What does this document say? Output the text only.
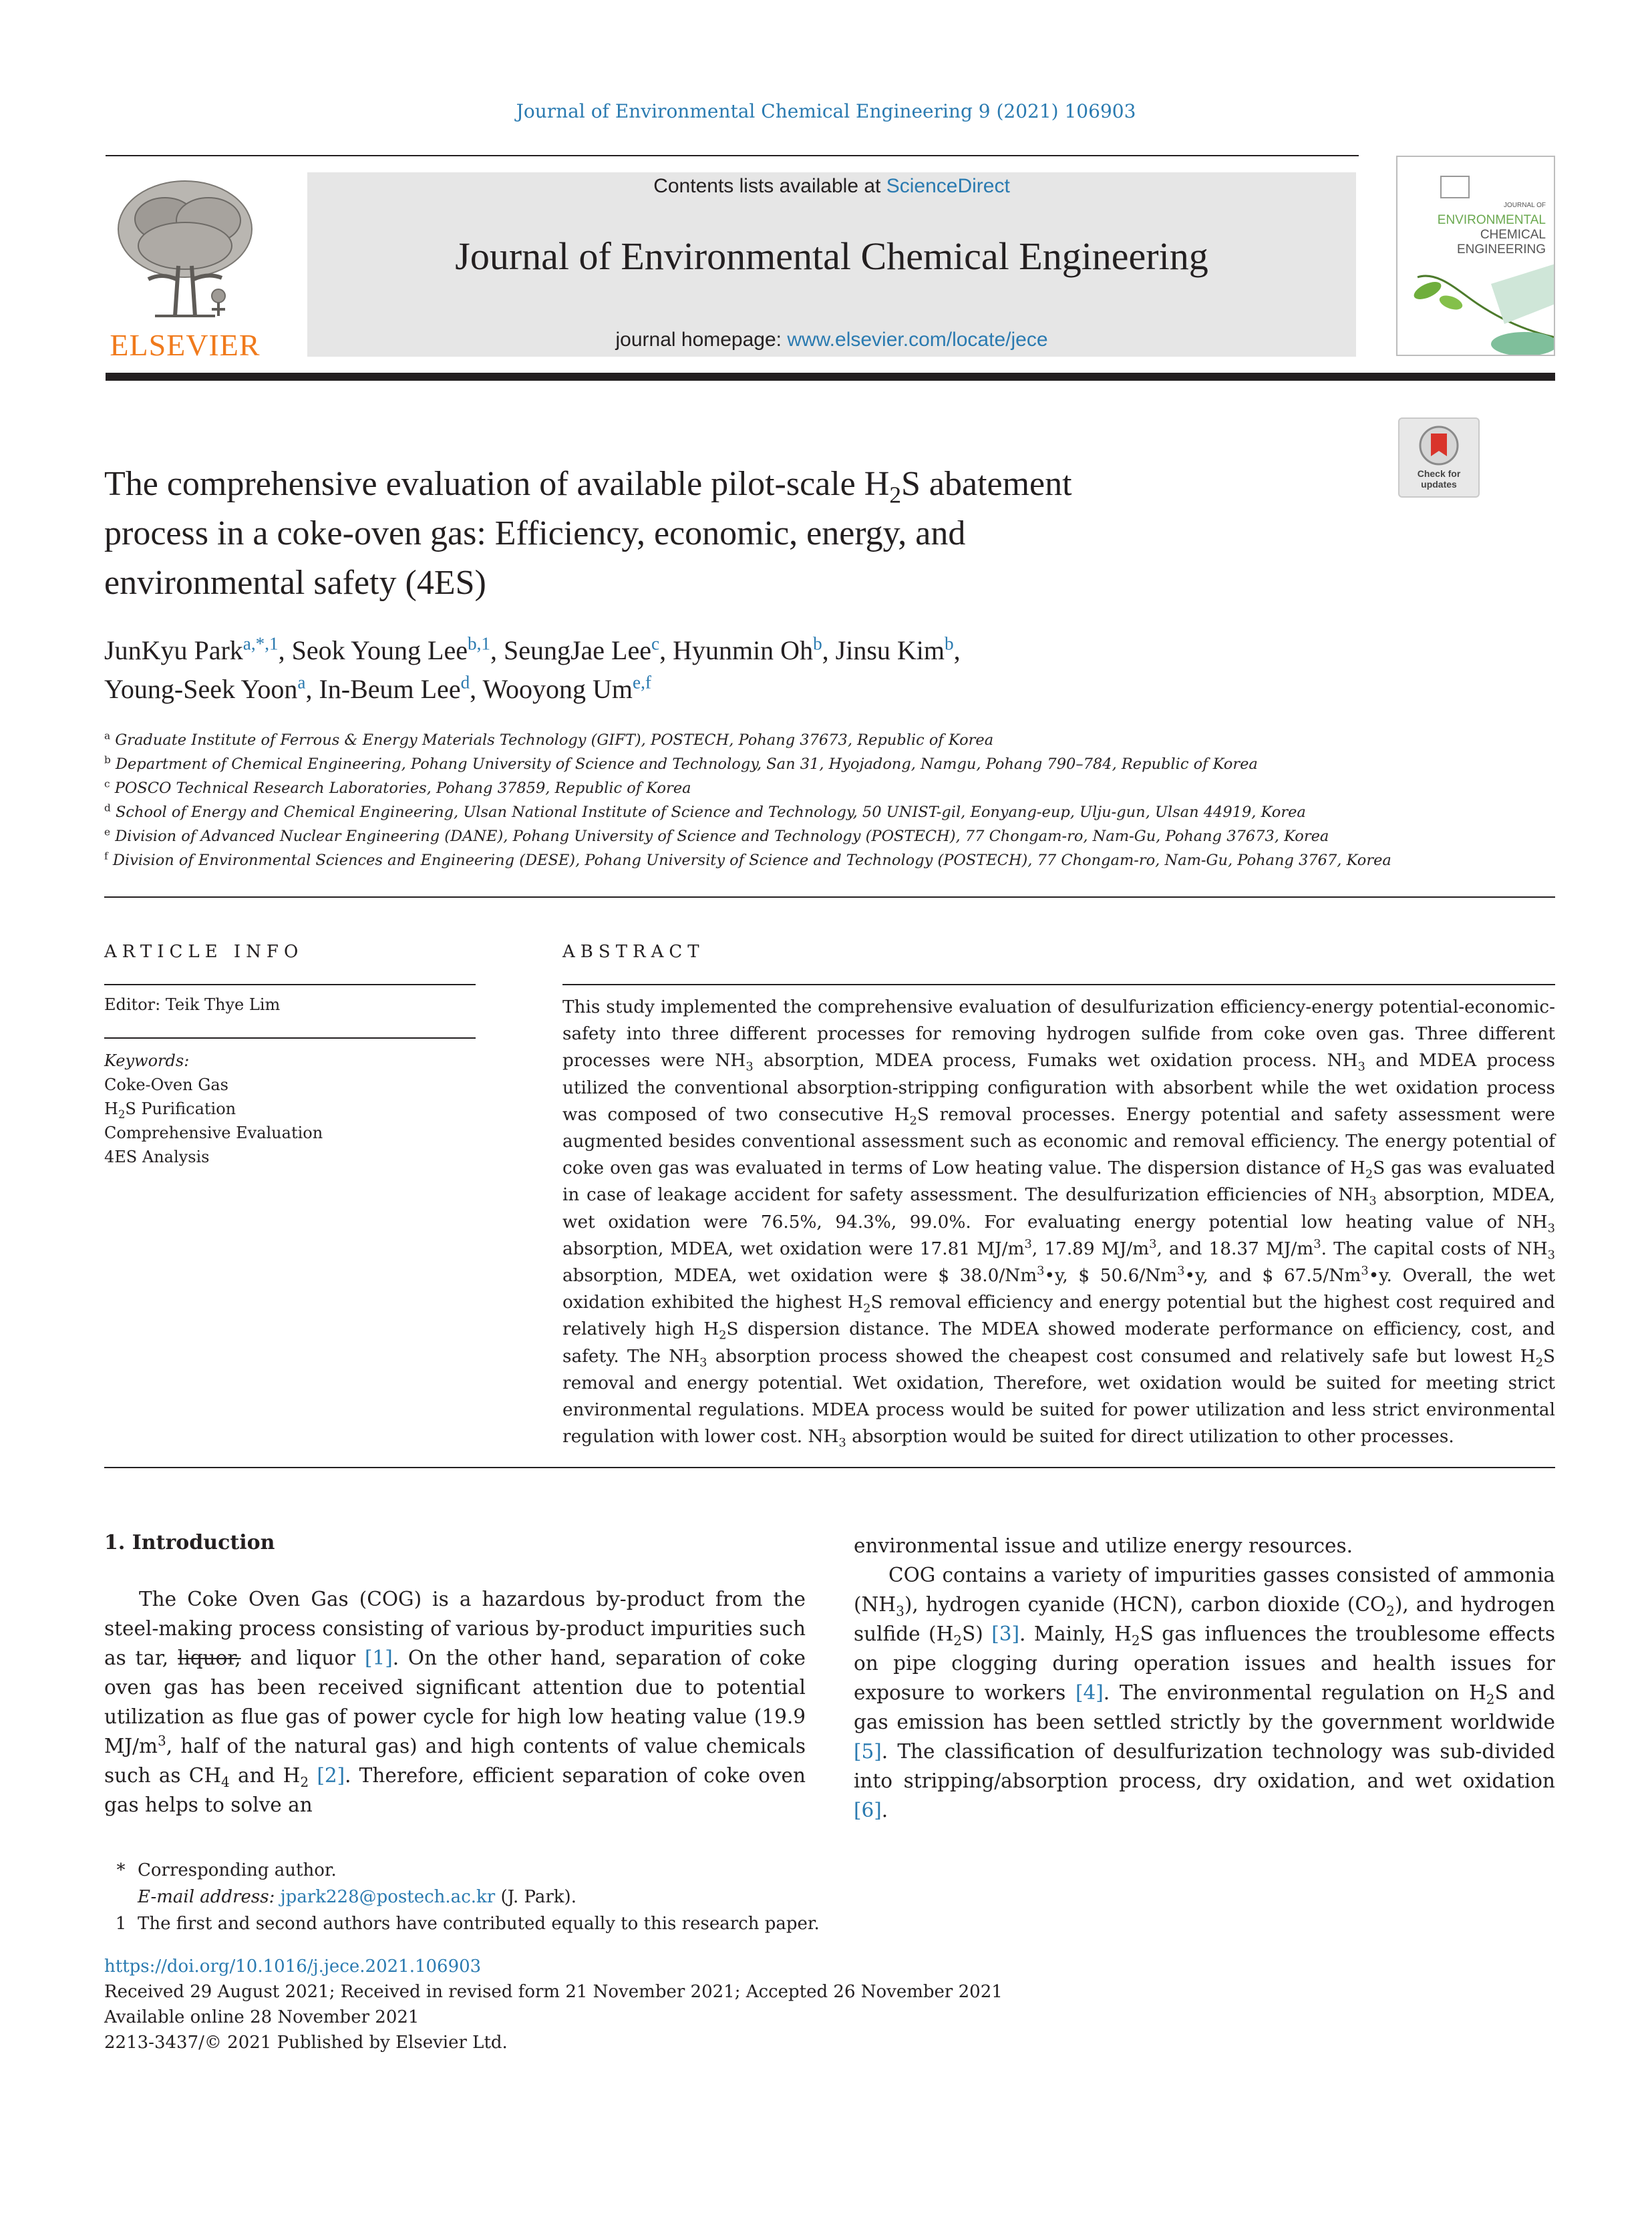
Journal of Environmental Chemical Engineering 9 (2021) 106903
ELSEVIER
Contents lists available at ScienceDirect
Journal of Environmental Chemical Engineering
journal homepage: www.elsevier.com/locate/jece
JOURNAL OF
ENVIRONMENTAL
CHEMICAL
ENGINEERING
Check for
updates
The comprehensive evaluation of available pilot-scale $H_2S$ abatement
process in a coke-oven gas: Efficiency, economic, energy, and
environmental safety (4ES)
JunKyu Park$^{a,*,1}$, Seok Young Lee$^{b,1}$, SeungJae Lee$^c$, Hyunmin Oh$^b$, Jinsu Kim$^b$,
Young-Seek Yoon$^a$, In-Beum Lee$^d$, Wooyong Um$^{e,f}$
$^a$ Graduate Institute of Ferrous & Energy Materials Technology (GIFT), POSTECH, Pohang 37673, Republic of Korea
$^b$ Department of Chemical Engineering, Pohang University of Science and Technology, San 31, Hyojadong, Namgu, Pohang 790–784, Republic of Korea
$^c$ POSCO Technical Research Laboratories, Pohang 37859, Republic of Korea
$^d$ School of Energy and Chemical Engineering, Ulsan National Institute of Science and Technology, 50 UNIST-gil, Eonyang-eup, Ulju-gun, Ulsan 44919, Korea
$^e$ Division of Advanced Nuclear Engineering (DANE), Pohang University of Science and Technology (POSTECH), 77 Chongam-ro, Nam-Gu, Pohang 37673, Korea
$^f$ Division of Environmental Sciences and Engineering (DESE), Pohang University of Science and Technology (POSTECH), 77 Chongam-ro, Nam-Gu, Pohang 3767, Korea
ARTICLE INFO
Editor: Teik Thye Lim
Keywords:
Coke-Oven Gas
$H_2S$ Purification
Comprehensive Evaluation
4ES Analysis
ABSTRACT
This study implemented the comprehensive evaluation of desulfurization efficiency-energy potential-economic-safety into three different processes for removing hydrogen sulfide from coke oven gas. Three different processes were $NH_3$ absorption, MDEA process, Fumaks wet oxidation process. $NH_3$ and MDEA process utilized the conventional absorption-stripping configuration with absorbent while the wet oxidation process was composed of two consecutive $H_2S$ removal processes. Energy potential and safety assessment were augmented besides conventional assessment such as economic and removal efficiency. The energy potential of coke oven gas was evaluated in terms of Low heating value. The dispersion distance of $H_2S$ gas was evaluated in case of leakage accident for safety assessment. The desulfurization efficiencies of $NH_3$ absorption, MDEA, wet oxidation were 76.5%, 94.3%, 99.0%. For evaluating energy potential low heating value of $NH_3$ absorption, MDEA, wet oxidation were 17.81 $MJ/m^3$, 17.89 $MJ/m^3$, and 18.37 $MJ/m^3$. The capital costs of $NH_3$ absorption, MDEA, wet oxidation were $ 38.0/Nm$^3$•y, $ 50.6/Nm$^3$•y, and $ 67.5/Nm$^3$•y. Overall, the wet oxidation exhibited the highest $H_2S$ removal efficiency and energy potential but the highest cost required and relatively high $H_2S$ dispersion distance. The MDEA showed moderate performance on efficiency, cost, and safety. The $NH_3$ absorption process showed the cheapest cost consumed and relatively safe but lowest $H_2S$ removal and energy potential. Wet oxidation, Therefore, wet oxidation would be suited for meeting strict environmental regulations. MDEA process would be suited for power utilization and less strict environmental regulation with lower cost. $NH_3$ absorption would be suited for direct utilization to other processes.
1. Introduction

The Coke Oven Gas (COG) is a hazardous by-product from the steel-making process consisting of various by-product impurities such as tar, liquor, and liquor [1]. On the other hand, separation of coke oven gas has been received significant attention due to potential utilization as flue gas of power cycle for high low heating value (19.9 $MJ/m^3$, half of the natural gas) and high contents of value chemicals such as $CH_4$ and $H_2$ [2]. Therefore, efficient separation of coke oven gas helps to solve an

environmental issue and utilize energy resources.

COG contains a variety of impurities gasses consisted of ammonia $(NH_3)$, hydrogen cyanide (HCN), carbon dioxide $(CO_2)$, and hydrogen sulfide $(H_2S)$ [3]. Mainly, $H_2S$ gas influences the troublesome effects on pipe clogging during operation issues and health issues for exposure to workers [4]. The environmental regulation on $H_2S$ and gas emission has been settled strictly by the government worldwide [5]. The classification of desulfurization technology was sub-divided into stripping/absorption process, dry oxidation, and wet oxidation [6].

* Corresponding author.
E-mail address: jpark228@postech.ac.kr (J. Park).
1 The first and second authors have contributed equally to this research paper.
https://doi.org/10.1016/j.jece.2021.106903
Received 29 August 2021; Received in revised form 21 November 2021; Accepted 26 November 2021
Available online 28 November 2021
2213-3437/© 2021 Published by Elsevier Ltd.
